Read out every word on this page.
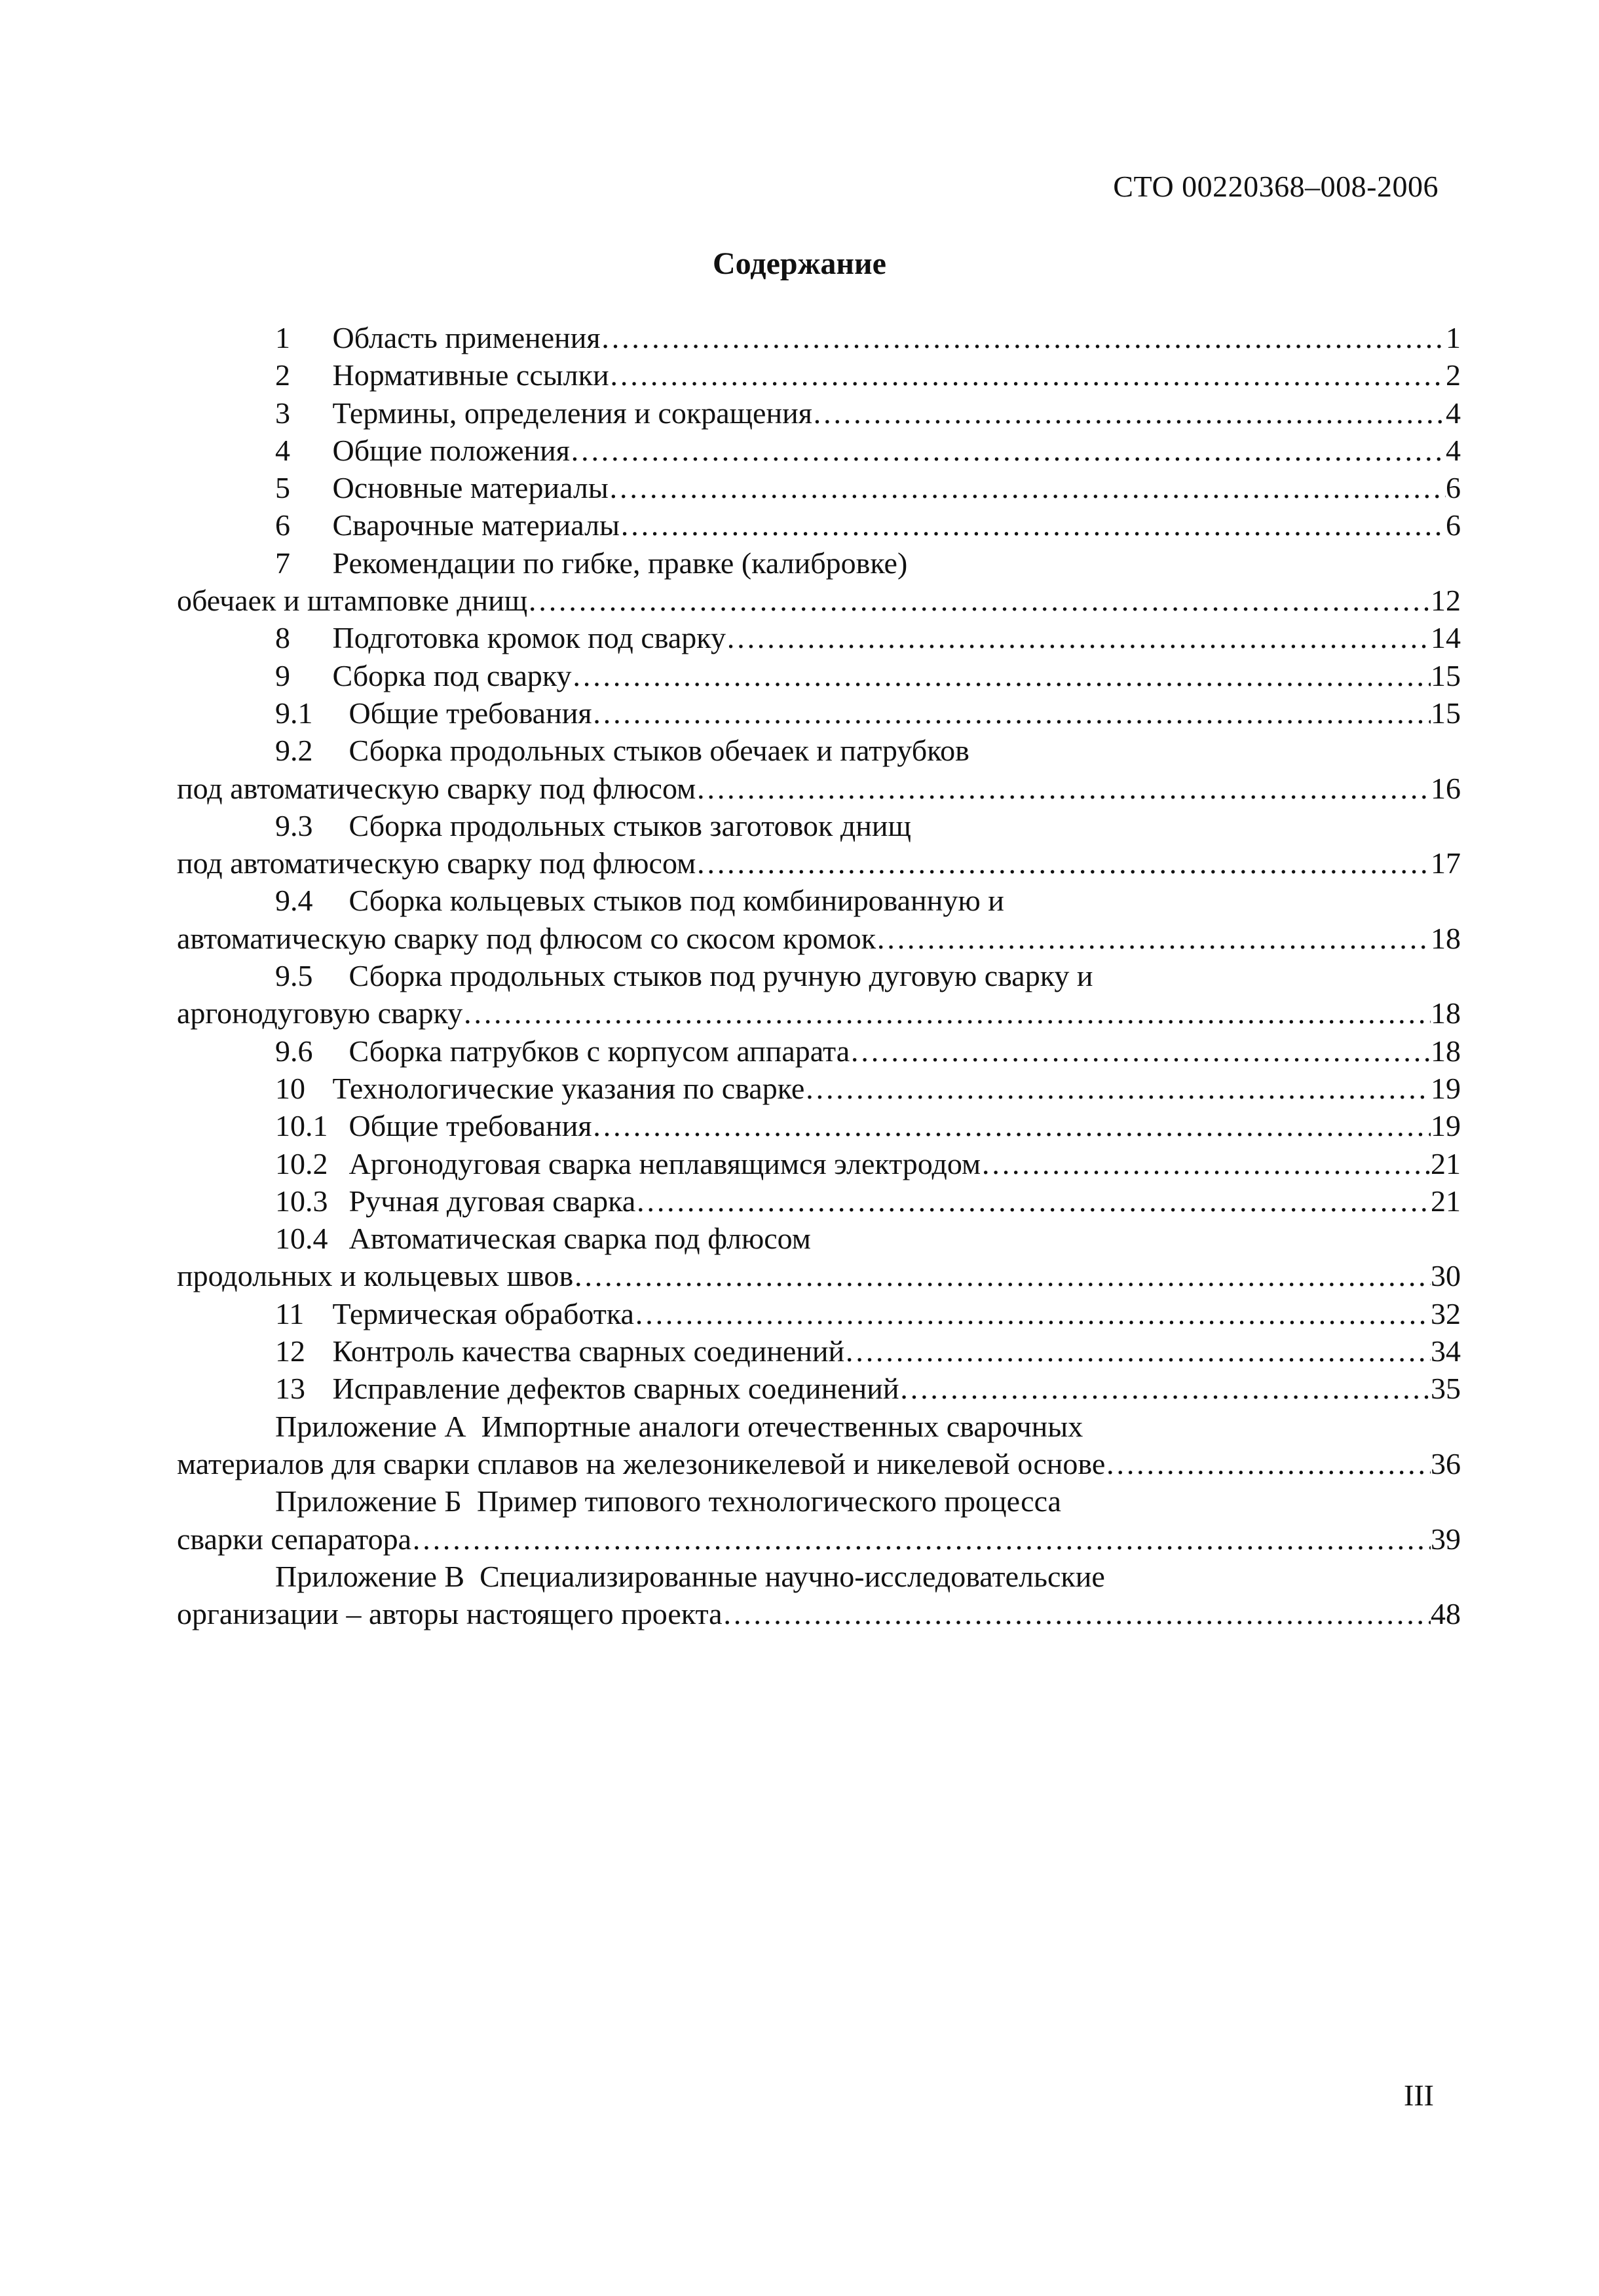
СТО 00220368–008-2006
Содержание
1	Область применения ……………………………………………………………………………………………………………………………………………………………………………………………………………………	1
2	Нормативные ссылки ……………………………………………………………………………………………………………………………………………………………………………………………………………………	2
3	Термины, определения и сокращения ……………………………………………………………………………………………………………………………………………………………………………………………………………………	4
4	Общие положения ……………………………………………………………………………………………………………………………………………………………………………………………………………………	4
5	Основные материалы ……………………………………………………………………………………………………………………………………………………………………………………………………………………	6
6	Сварочные материалы ……………………………………………………………………………………………………………………………………………………………………………………………………………………	6
7	Рекомендации по гибке, правке (калибровке)
обечаек и штамповке днищ ……………………………………………………………………………………………………………………………………………………………………………………………………………………	12
8	Подготовка кромок под сварку ……………………………………………………………………………………………………………………………………………………………………………………………………………………	14
9	Сборка под сварку ……………………………………………………………………………………………………………………………………………………………………………………………………………………	15
9.1 Общие требования ……………………………………………………………………………………………………………………………………………………………………………………………………………………	15
9.2 Сборка продольных стыков обечаек и патрубков
под автоматическую сварку под флюсом ……………………………………………………………………………………………………………………………………………………………………………………………………………………	16
9.3 Сборка продольных стыков заготовок днищ
под автоматическую сварку под флюсом ……………………………………………………………………………………………………………………………………………………………………………………………………………………	17
9.4 Сборка кольцевых стыков под комбинированную и
автоматическую сварку под флюсом со скосом кромок ……………………………………………………………………………………………………………………………………………………………………………………………………………………	18
9.5 Сборка продольных стыков под ручную дуговую сварку и
аргонодуговую сварку ……………………………………………………………………………………………………………………………………………………………………………………………………………………	18
9.6 Сборка патрубков с корпусом аппарата ……………………………………………………………………………………………………………………………………………………………………………………………………………………	18
10 Технологические указания по сварке ……………………………………………………………………………………………………………………………………………………………………………………………………………………	19
10.1 Общие требования ……………………………………………………………………………………………………………………………………………………………………………………………………………………	19
10.2 Аргонодуговая сварка неплавящимся электродом ……………………………………………………………………………………………………………………………………………………………………………………………………………………	21
10.3 Ручная дуговая сварка ……………………………………………………………………………………………………………………………………………………………………………………………………………………	21
10.4 Автоматическая сварка под флюсом
продольных и кольцевых швов ……………………………………………………………………………………………………………………………………………………………………………………………………………………	30
11 Термическая обработка ……………………………………………………………………………………………………………………………………………………………………………………………………………………	32
12 Контроль качества сварных соединений ……………………………………………………………………………………………………………………………………………………………………………………………………………………	34
13 Исправление дефектов сварных соединений ……………………………………………………………………………………………………………………………………………………………………………………………………………………	35
Приложение А Импортные аналоги отечественных сварочных
материалов для сварки сплавов на железоникелевой и никелевой основе ……………………………………………………………………………………………………………………………………………………………………………………………………………………	36
Приложение Б Пример типового технологического процесса
сварки сепаратора ……………………………………………………………………………………………………………………………………………………………………………………………………………………	39
Приложение В Специализированные научно-исследовательские
организации – авторы настоящего проекта ……………………………………………………………………………………………………………………………………………………………………………………………………………………	48
III
